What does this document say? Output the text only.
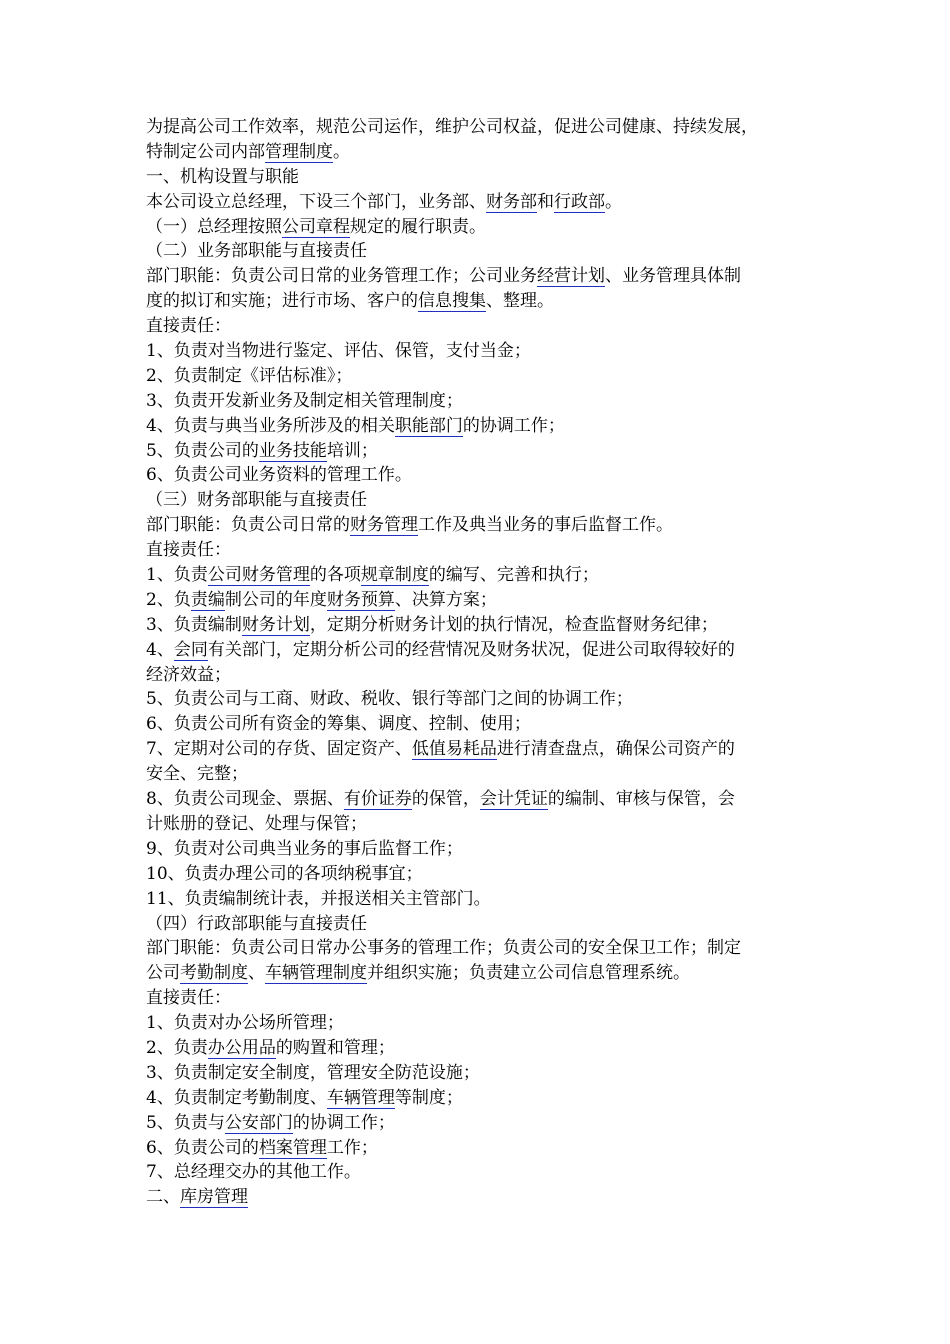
为提高公司工作效率，规范公司运作，维护公司权益，促进公司健康、持续发展，
特制定公司内部管理制度。
一、机构设置与职能
本公司设立总经理，下设三个部门，业务部、财务部和行政部。
（一）总经理按照公司章程规定的履行职责。
（二）业务部职能与直接责任
部门职能：负责公司日常的业务管理工作；公司业务经营计划、业务管理具体制
度的拟订和实施；进行市场、客户的信息搜集、整理。
直接责任：
1、负责对当物进行鉴定、评估、保管，支付当金；
2、负责制定《评估标准》；
3、负责开发新业务及制定相关管理制度；
4、负责与典当业务所涉及的相关职能部门的协调工作；
5、负责公司的业务技能培训；
6、负责公司业务资料的管理工作。
（三）财务部职能与直接责任
部门职能：负责公司日常的财务管理工作及典当业务的事后监督工作。
直接责任：
1、负责公司财务管理的各项规章制度的编写、完善和执行；
2、负责编制公司的年度财务预算、决算方案；
3、负责编制财务计划，定期分析财务计划的执行情况，检查监督财务纪律；
4、会同有关部门，定期分析公司的经营情况及财务状况，促进公司取得较好的
经济效益；
5、负责公司与工商、财政、税收、银行等部门之间的协调工作；
6、负责公司所有资金的筹集、调度、控制、使用；
7、定期对公司的存货、固定资产、低值易耗品进行清查盘点，确保公司资产的
安全、完整；
8、负责公司现金、票据、有价证券的保管，会计凭证的编制、审核与保管，会
计账册的登记、处理与保管；
9、负责对公司典当业务的事后监督工作；
10、负责办理公司的各项纳税事宜；
11、负责编制统计表，并报送相关主管部门。
（四）行政部职能与直接责任
部门职能：负责公司日常办公事务的管理工作；负责公司的安全保卫工作；制定
公司考勤制度、车辆管理制度并组织实施；负责建立公司信息管理系统。
直接责任：
1、负责对办公场所管理；
2、负责办公用品的购置和管理；
3、负责制定安全制度，管理安全防范设施；
4、负责制定考勤制度、车辆管理等制度；
5、负责与公安部门的协调工作；
6、负责公司的档案管理工作；
7、总经理交办的其他工作。
二、库房管理
